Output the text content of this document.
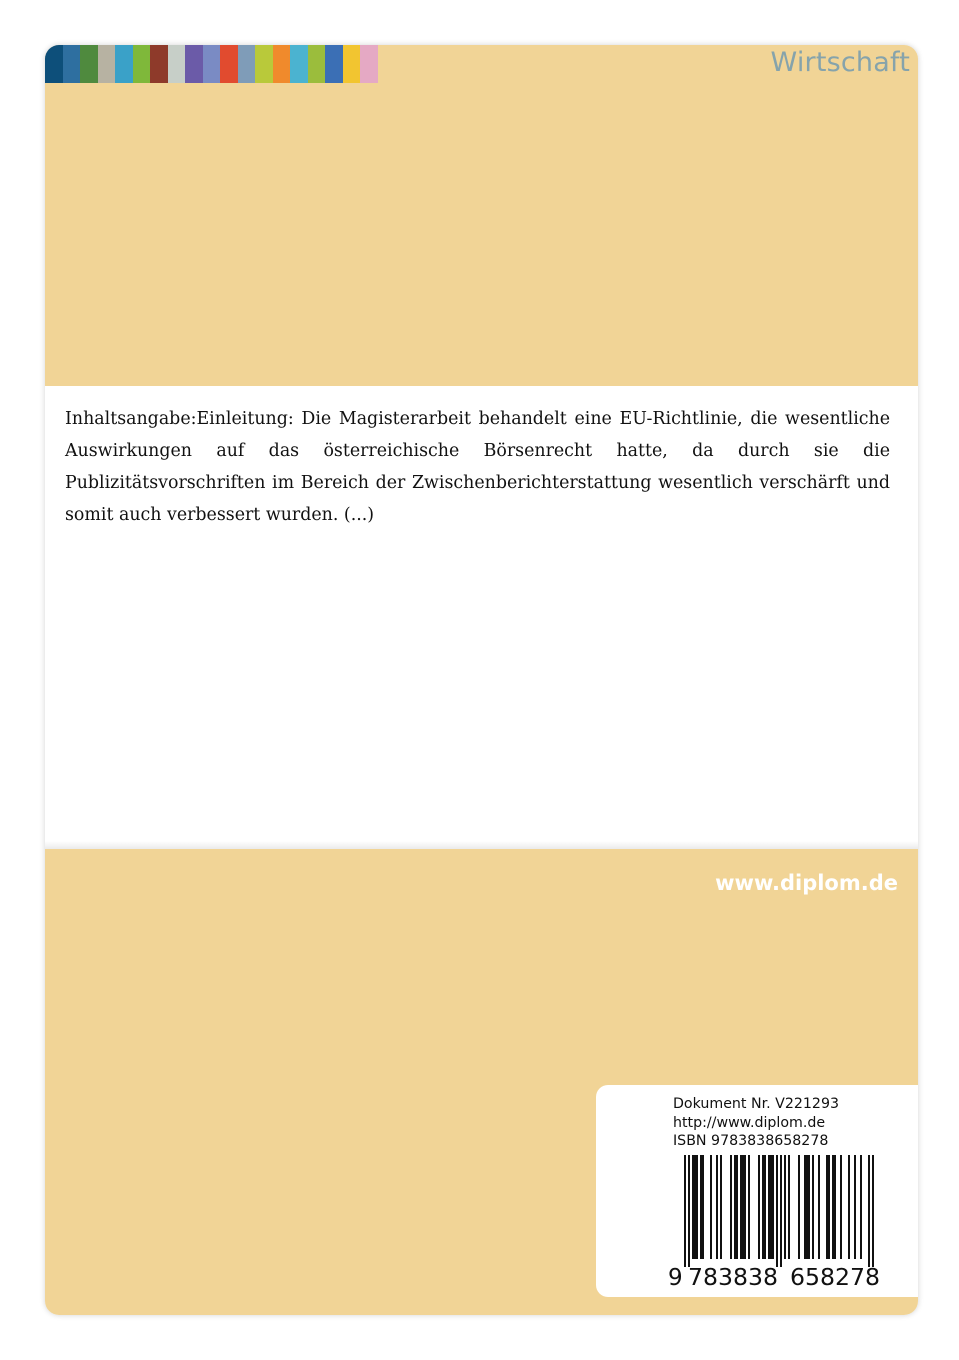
Wirtschaft

Inhaltsangabe:Einleitung: Die Magisterarbeit behandelt eine EU-Richtlinie, die wesentliche Auswirkungen auf das österreichische Börsenrecht hatte, da durch sie die Publizitätsvorschriften im Bereich der Zwischenberichterstattung wesentlich verschärft und somit auch verbessert wurden. (...)

www.diplom.de
Dokument Nr. V221293
http://www.diplom.de
ISBN 9783838658278
9 783838 658278
